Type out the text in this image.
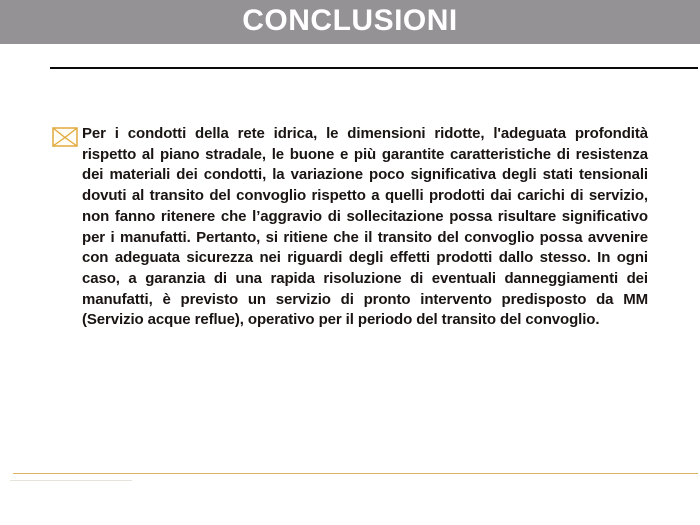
CONCLUSIONI

Per i condotti della rete idrica, le dimensioni ridotte, l'adeguata profondità rispetto al piano stradale, le buone e più garantite caratteristiche di resistenza dei materiali dei condotti, la variazione poco significativa degli stati tensionali dovuti al transito del convoglio rispetto a quelli prodotti dai carichi di servizio, non fanno ritenere che l’aggravio di sollecitazione possa risultare significativo per i manufatti. Pertanto, si ritiene che il transito del convoglio possa avvenire con adeguata sicurezza nei riguardi degli effetti prodotti dallo stesso. In ogni caso, a garanzia di una rapida risoluzione di eventuali danneggiamenti dei manufatti, è previsto un servizio di pronto intervento predisposto da MM (Servizio acque reflue), operativo per il periodo del transito del convoglio.
